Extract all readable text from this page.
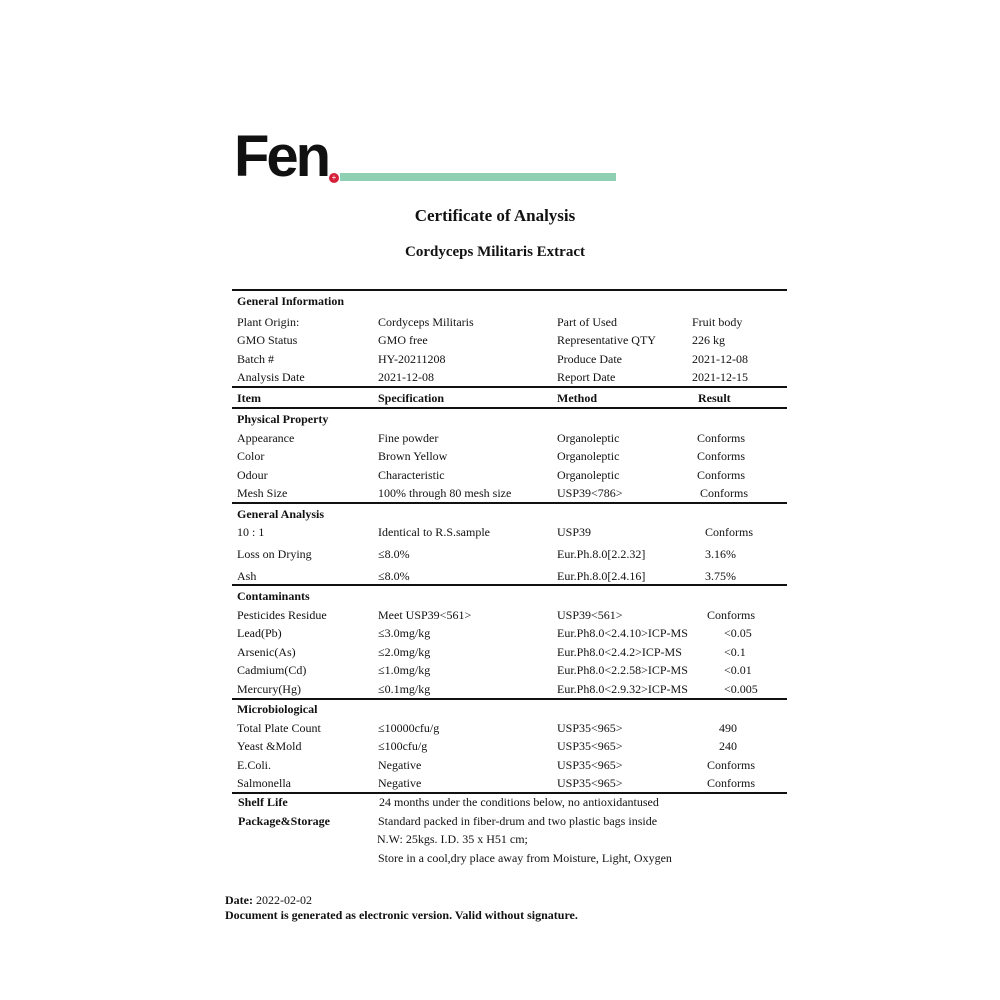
Fen +
Certificate of Analysis
Cordyceps Militaris Extract
General Information
Plant Origin:	Cordyceps Militaris	Part of Used	Fruit body
GMO Status	GMO free	Representative QTY	226 kg
Batch #	HY-20211208	Produce Date	2021-12-08
Analysis Date	2021-12-08	Report Date	2021-12-15
Item	Specification	Method	Result
Physical Property
Appearance	Fine powder	Organoleptic	Conforms
Color	Brown Yellow	Organoleptic	Conforms
Odour	Characteristic	Organoleptic	Conforms
Mesh Size	100% through 80 mesh size	USP39<786>	Conforms
General Analysis
10 : 1	Identical to R.S.sample	USP39	Conforms
Loss on Drying	≤8.0%	Eur.Ph.8.0[2.2.32]	3.16%
Ash	≤8.0%	Eur.Ph.8.0[2.4.16]	3.75%
Contaminants
Pesticides Residue	Meet USP39<561>	USP39<561>	Conforms
Lead(Pb)	≤3.0mg/kg	Eur.Ph8.0<2.4.10>ICP-MS	<0.05
Arsenic(As)	≤2.0mg/kg	Eur.Ph8.0<2.4.2>ICP-MS	<0.1
Cadmium(Cd)	≤1.0mg/kg	Eur.Ph8.0<2.2.58>ICP-MS	<0.01
Mercury(Hg)	≤0.1mg/kg	Eur.Ph8.0<2.9.32>ICP-MS	<0.005
Microbiological
Total Plate Count	≤10000cfu/g	USP35<965>	490
Yeast &Mold	≤100cfu/g	USP35<965>	240
E.Coli.	Negative	USP35<965>	Conforms
Salmonella	Negative	USP35<965>	Conforms
Shelf Life	24 months under the conditions below, no antioxidantused
Package&Storage	Standard packed in fiber-drum and two plastic bags inside
N.W: 25kgs. I.D. 35 x H51 cm;
Store in a cool,dry place away from Moisture, Light, Oxygen
Date: 2022-02-02
Document is generated as electronic version. Valid without signature.
